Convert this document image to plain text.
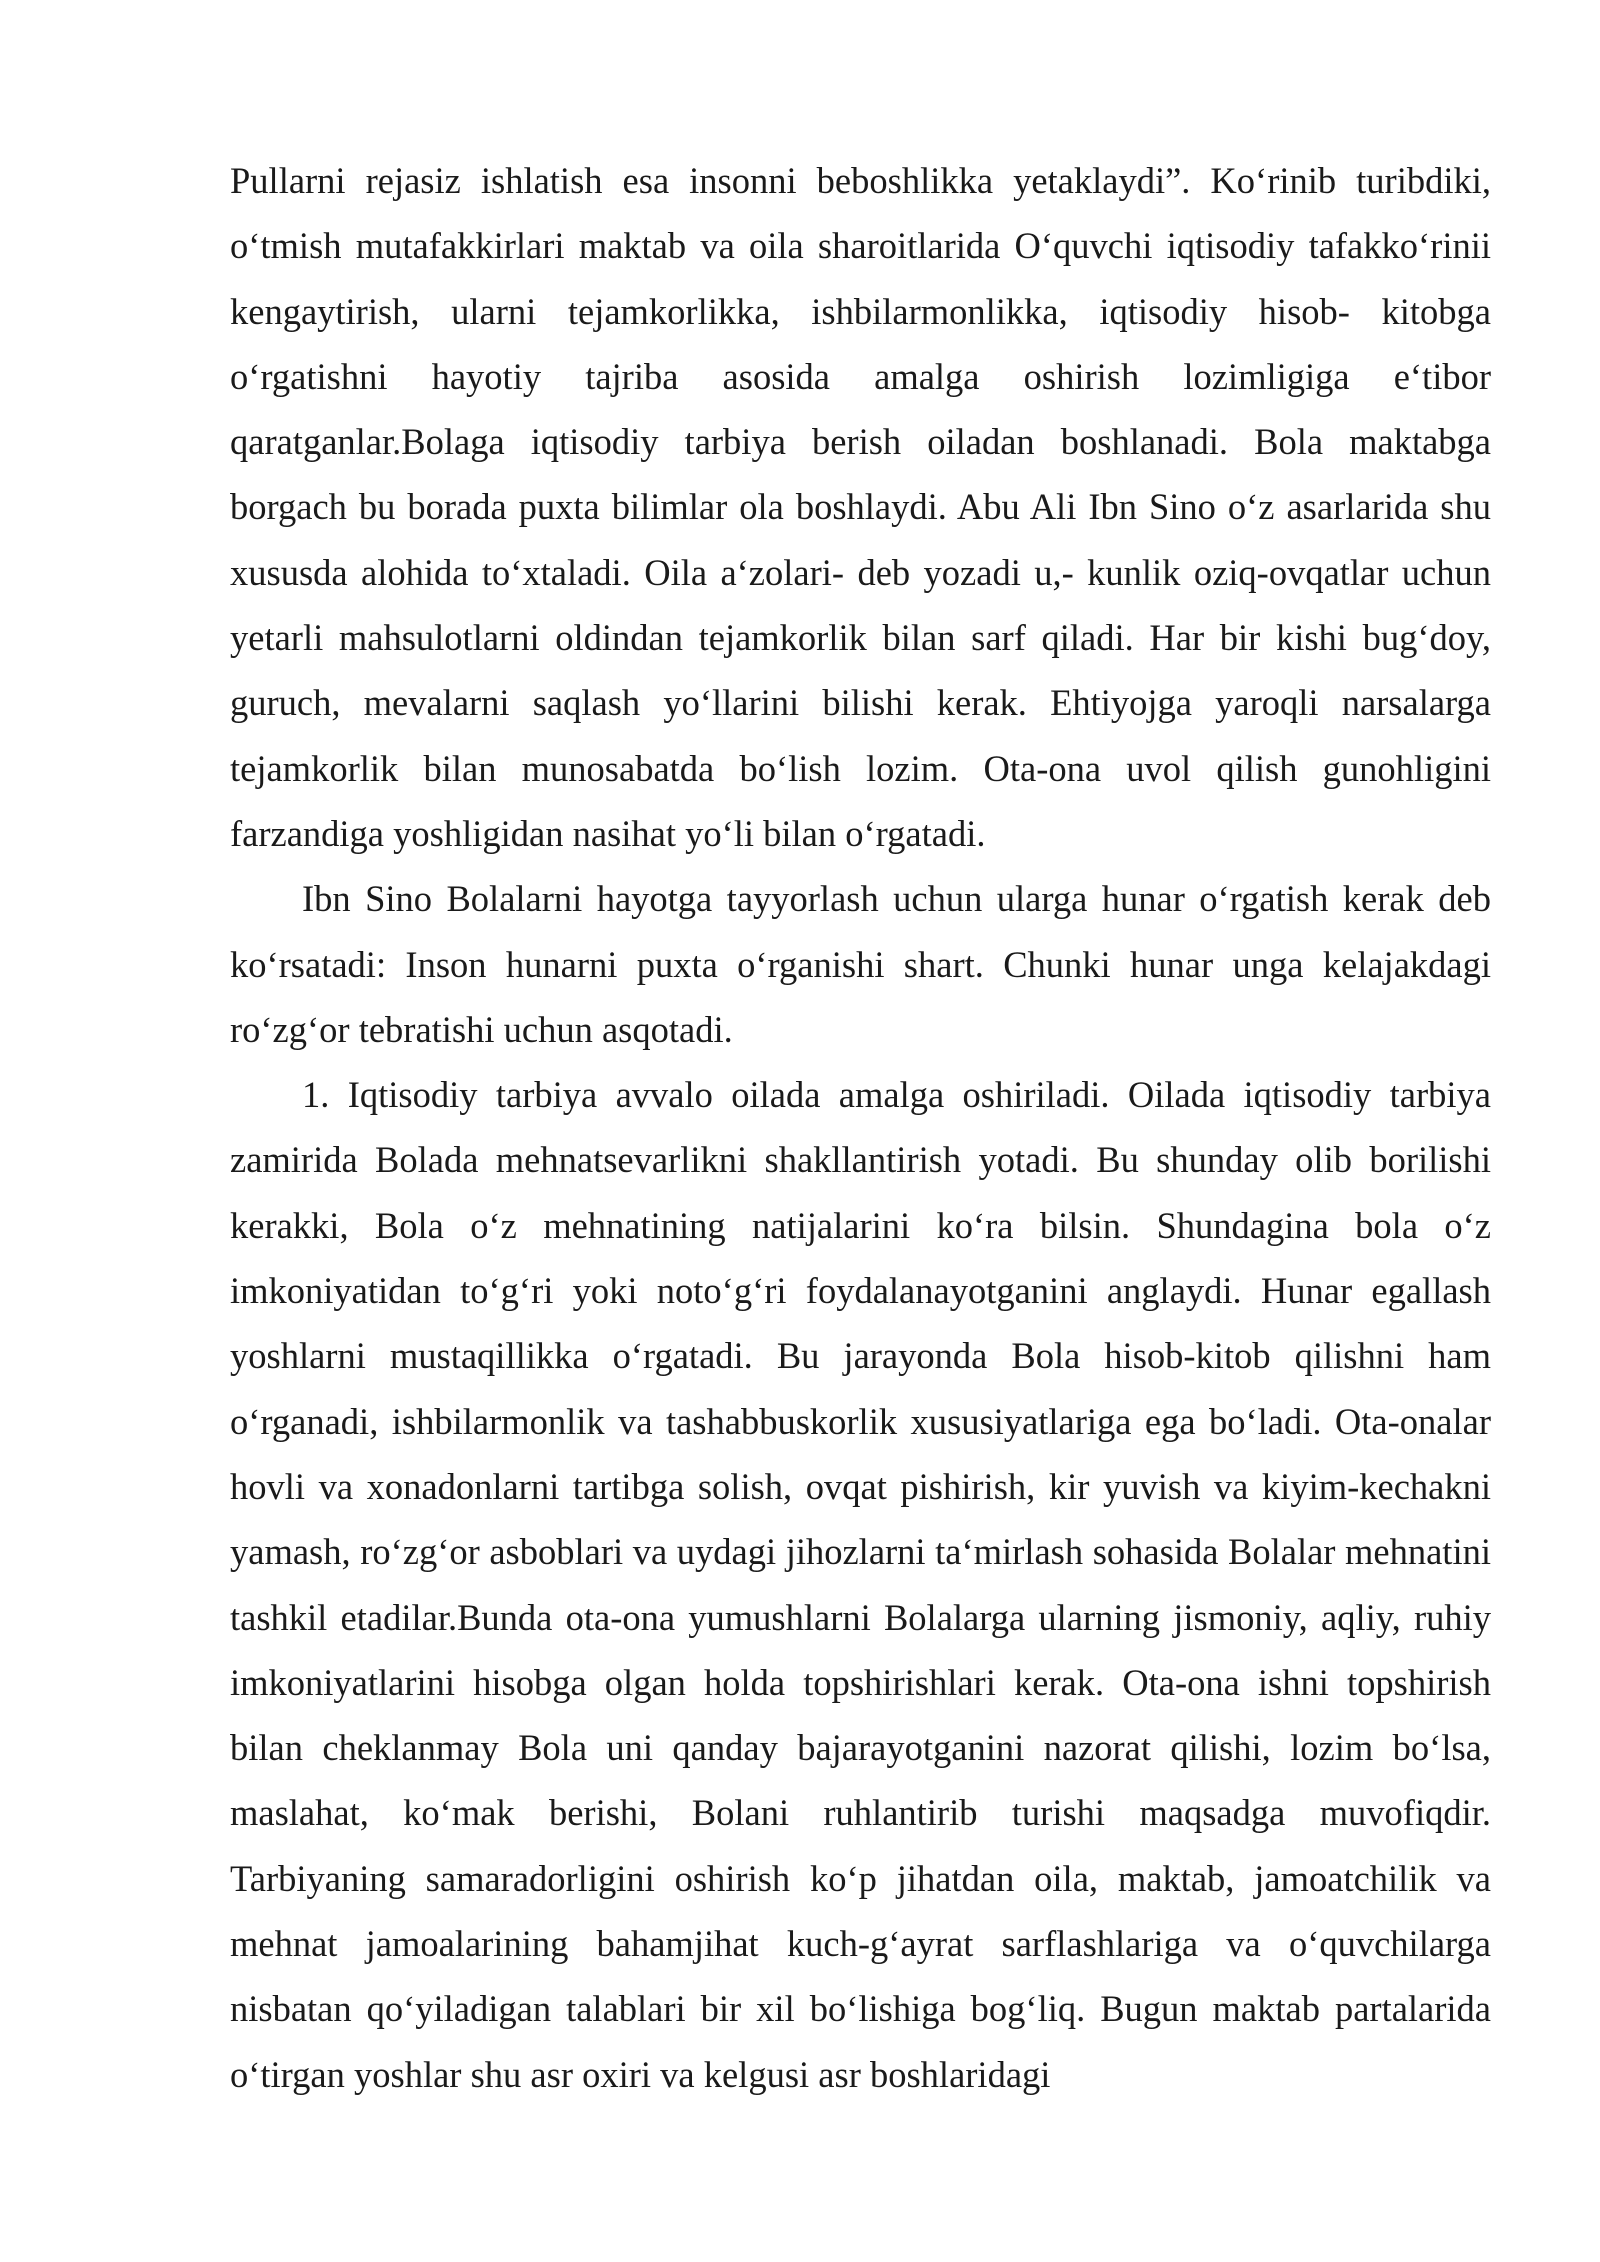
Pullarni rejasiz ishlatish esa insonni beboshlikka yetaklaydi”. Ko‘rinib turibdiki, o‘tmish mutafakkirlari maktab va oila sharoitlarida O‘quvchi iqtisodiy tafakko‘rinii kengaytirish, ularni tejamkorlikka, ishbilarmonlikka, iqtisodiy hisob- kitobga o‘rgatishni hayotiy tajriba asosida amalga oshirish lozimligiga e‘tibor qaratganlar.Bolaga iqtisodiy tarbiya berish oiladan boshlanadi. Bola maktabga borgach bu borada puxta bilimlar ola boshlaydi. Abu Ali Ibn Sino o‘z asarlarida shu xususda alohida to‘xtaladi. Oila a‘zolari- deb yozadi u,- kunlik oziq-ovqatlar uchun yetarli mahsulotlarni oldindan tejamkorlik bilan sarf qiladi. Har bir kishi bug‘doy, guruch, mevalarni saqlash yo‘llarini bilishi kerak. Ehtiyojga yaroqli narsalarga tejamkorlik bilan munosabatda bo‘lish lozim. Ota-ona uvol qilish gunohligini farzandiga yoshligidan nasihat yo‘li bilan o‘rgatadi.

Ibn Sino Bolalarni hayotga tayyorlash uchun ularga hunar o‘rgatish kerak deb ko‘rsatadi: Inson hunarni puxta o‘rganishi shart. Chunki hunar unga kelajakdagi ro‘zg‘or tebratishi uchun asqotadi.

1. Iqtisodiy tarbiya avvalo oilada amalga oshiriladi. Oilada iqtisodiy tarbiya zamirida Bolada mehnatsevarlikni shakllantirish yotadi. Bu shunday olib borilishi kerakki, Bola o‘z mehnatining natijalarini ko‘ra bilsin. Shundagina bola o‘z imkoniyatidan to‘g‘ri yoki noto‘g‘ri foydalanayotganini anglaydi. Hunar egallash yoshlarni mustaqillikka o‘rgatadi. Bu jarayonda Bola hisob-kitob qilishni ham o‘rganadi, ishbilarmonlik va tashabbuskorlik xususiyatlariga ega bo‘ladi. Ota-onalar hovli va xonadonlarni tartibga solish, ovqat pishirish, kir yuvish va kiyim-kechakni yamash, ro‘zg‘or asboblari va uydagi jihozlarni ta‘mirlash sohasida Bolalar mehnatini tashkil etadilar.Bunda ota-ona yumushlarni Bolalarga ularning jismoniy, aqliy, ruhiy imkoniyatlarini hisobga olgan holda topshirishlari kerak. Ota-ona ishni topshirish bilan cheklanmay Bola uni qanday bajarayotganini nazorat qilishi, lozim bo‘lsa, maslahat, ko‘mak berishi, Bolani ruhlantirib turishi maqsadga muvofiqdir. Tarbiyaning samaradorligini oshirish ko‘p jihatdan oila, maktab, jamoatchilik va mehnat jamoalarining bahamjihat kuch-g‘ayrat sarflashlariga va o‘quvchilarga nisbatan qo‘yiladigan talablari bir xil bo‘lishiga bog‘liq. Bugun maktab partalarida o‘tirgan yoshlar shu asr oxiri va kelgusi asr boshlaridagi
